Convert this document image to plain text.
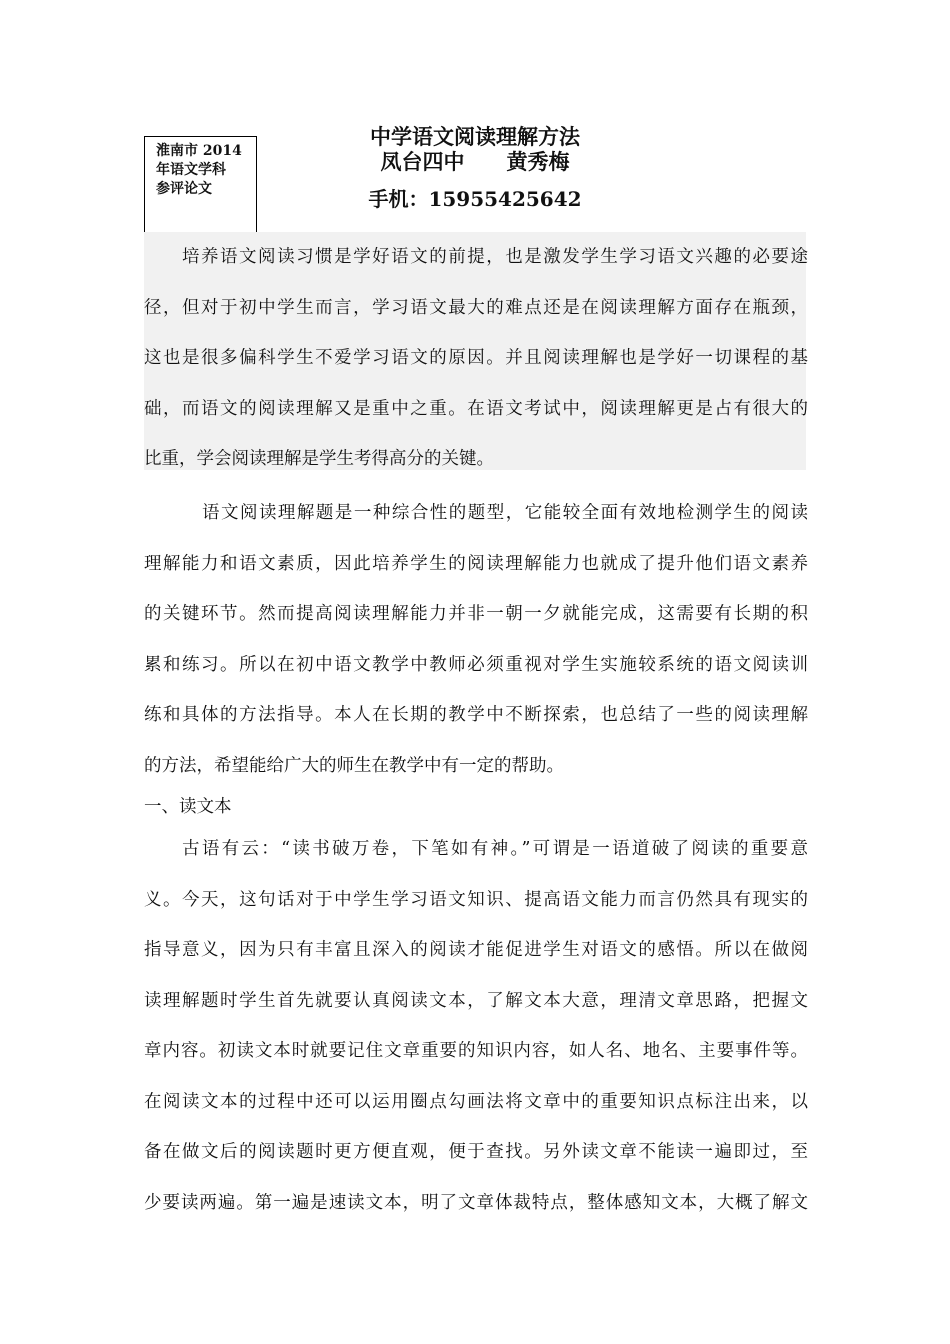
淮南市 2014
年语文学科
参评论文
中学语文阅读理解方法
凤台四中 黄秀梅
手机：15955425642
培养语文阅读习惯是学好语文的前提，也是激发学生学习语文兴趣的必要途
径，但对于初中学生而言，学习语文最大的难点还是在阅读理解方面存在瓶颈，
这也是很多偏科学生不爱学习语文的原因。并且阅读理解也是学好一切课程的基
础，而语文的阅读理解又是重中之重。在语文考试中，阅读理解更是占有很大的
比重，学会阅读理解是学生考得高分的关键。
语文阅读理解题是一种综合性的题型，它能较全面有效地检测学生的阅读
理解能力和语文素质，因此培养学生的阅读理解能力也就成了提升他们语文素养
的关键环节。然而提高阅读理解能力并非一朝一夕就能完成，这需要有长期的积
累和练习。所以在初中语文教学中教师必须重视对学生实施较系统的语文阅读训
练和具体的方法指导。本人在长期的教学中不断探索，也总结了一些的阅读理解
的方法，希望能给广大的师生在教学中有一定的帮助。
一、读文本
古语有云：“读书破万卷，下笔如有神。”可谓是一语道破了阅读的重要意
义。今天，这句话对于中学生学习语文知识、提高语文能力而言仍然具有现实的
指导意义，因为只有丰富且深入的阅读才能促进学生对语文的感悟。所以在做阅
读理解题时学生首先就要认真阅读文本，了解文本大意，理清文章思路，把握文
章内容。初读文本时就要记住文章重要的知识内容，如人名、地名、主要事件等。
在阅读文本的过程中还可以运用圈点勾画法将文章中的重要知识点标注出来，以
备在做文后的阅读题时更方便直观，便于查找。另外读文章不能读一遍即过，至
少要读两遍。第一遍是速读文本，明了文章体裁特点，整体感知文本，大概了解文
